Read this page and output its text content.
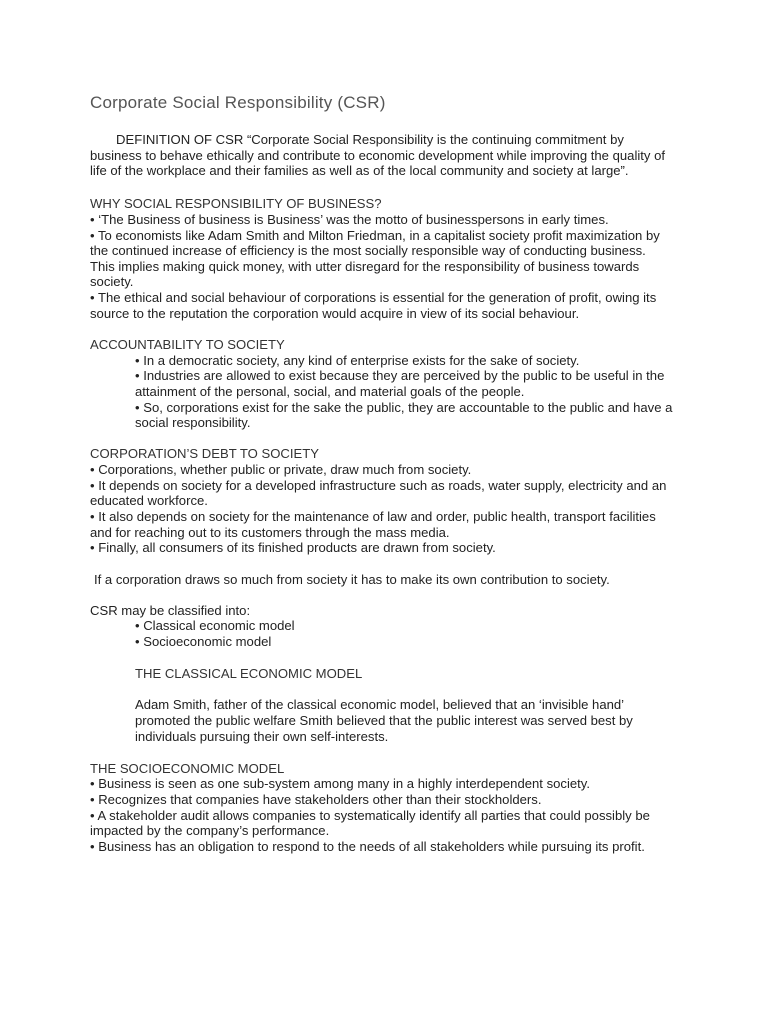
Corporate Social Responsibility (CSR)
DEFINITION OF CSR “Corporate Social Responsibility is the continuing commitment by
business to behave ethically and contribute to economic development while improving the quality of
life of the workplace and their families as well as of the local community and society at large”.
WHY SOCIAL RESPONSIBILITY OF BUSINESS?
• ‘The Business of business is Business’ was the motto of businesspersons in early times.
• To economists like Adam Smith and Milton Friedman, in a capitalist society profit maximization by
the continued increase of efficiency is the most socially responsible way of conducting business.
This implies making quick money, with utter disregard for the responsibility of business towards
society.
• The ethical and social behaviour of corporations is essential for the generation of profit, owing its
source to the reputation the corporation would acquire in view of its social behaviour.
ACCOUNTABILITY TO SOCIETY
• In a democratic society, any kind of enterprise exists for the sake of society.
• Industries are allowed to exist because they are perceived by the public to be useful in the
attainment of the personal, social, and material goals of the people.
• So, corporations exist for the sake the public, they are accountable to the public and have a
social responsibility.
CORPORATION’S DEBT TO SOCIETY
• Corporations, whether public or private, draw much from society.
• It depends on society for a developed infrastructure such as roads, water supply, electricity and an
educated workforce.
• It also depends on society for the maintenance of law and order, public health, transport facilities
and for reaching out to its customers through the mass media.
• Finally, all consumers of its finished products are drawn from society.
If a corporation draws so much from society it has to make its own contribution to society.
CSR may be classified into:
• Classical economic model
• Socioeconomic model
THE CLASSICAL ECONOMIC MODEL
Adam Smith, father of the classical economic model, believed that an ‘invisible hand’
promoted the public welfare Smith believed that the public interest was served best by
individuals pursuing their own self-interests.
THE SOCIOECONOMIC MODEL
• Business is seen as one sub-system among many in a highly interdependent society.
• Recognizes that companies have stakeholders other than their stockholders.
• A stakeholder audit allows companies to systematically identify all parties that could possibly be
impacted by the company’s performance.
• Business has an obligation to respond to the needs of all stakeholders while pursuing its profit.
